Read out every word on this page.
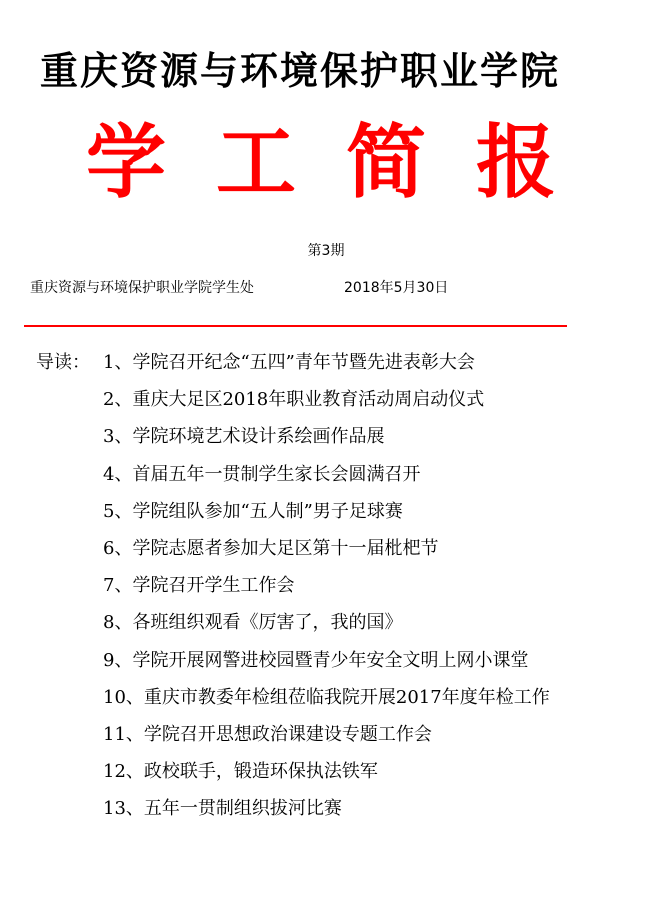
重庆资源与环境保护职业学院
学 工 简 报
第3期
重庆资源与环境保护职业学院学生处	2018年5月30日
导读： 1、学院召开纪念“五四”青年节暨先进表彰大会
2、重庆大足区2018年职业教育活动周启动仪式
3、学院环境艺术设计系绘画作品展
4、首届五年一贯制学生家长会圆满召开
5、学院组队参加“五人制”男子足球赛
6、学院志愿者参加大足区第十一届枇杷节
7、学院召开学生工作会
8、各班组织观看《厉害了，我的国》
9、学院开展网警进校园暨青少年安全文明上网小课堂
10、重庆市教委年检组莅临我院开展2017年度年检工作
11、学院召开思想政治课建设专题工作会
12、政校联手，锻造环保执法铁军
13、五年一贯制组织拔河比赛
